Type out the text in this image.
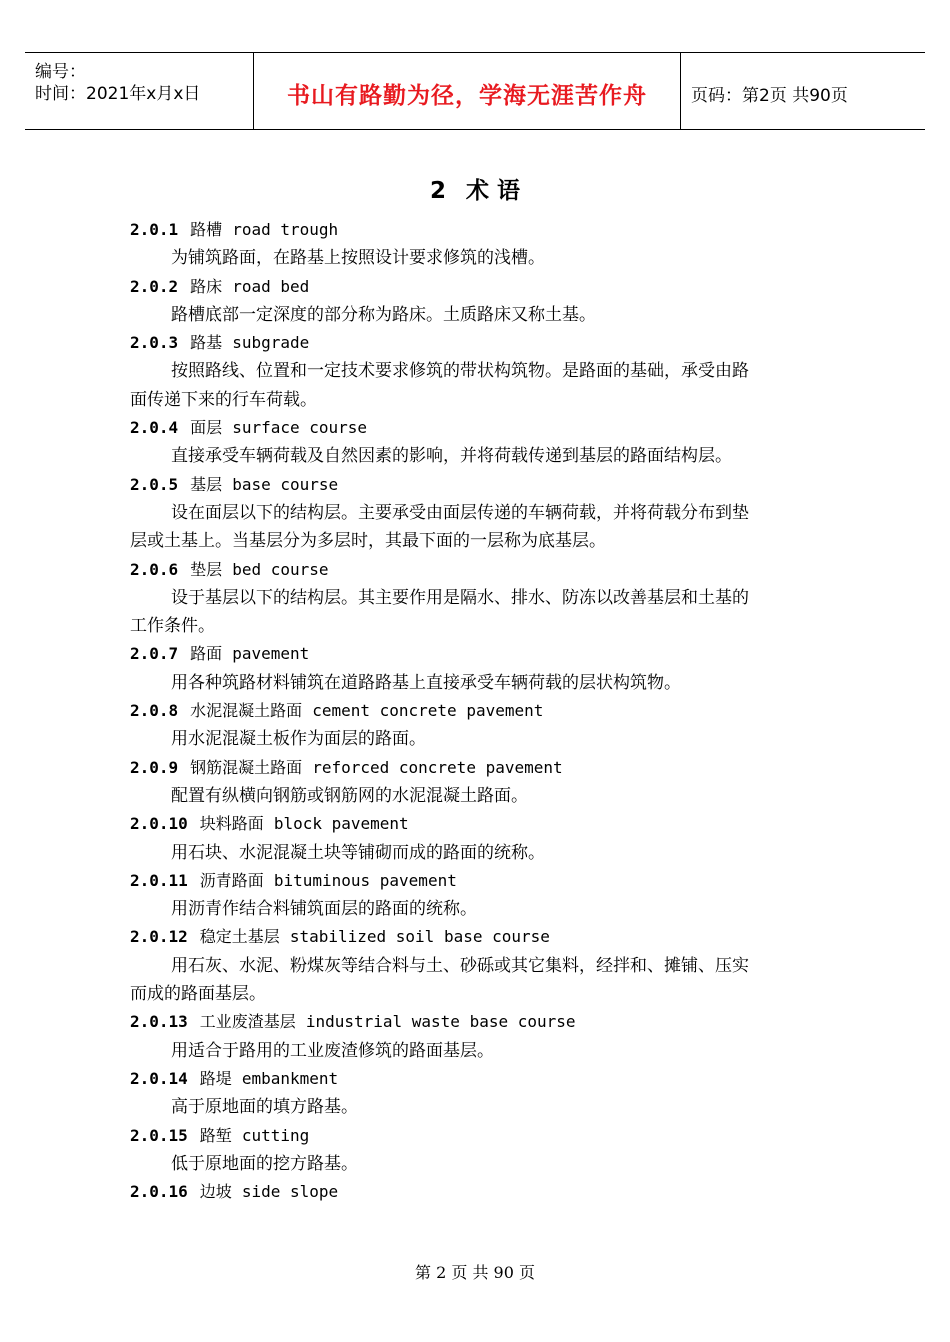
编号：
时间：2021年x月x日	书山有路勤为径，学海无涯苦作舟	页码：第2页 共90页
2 术 语
2.0.1 路槽 road trough
为铺筑路面，在路基上按照设计要求修筑的浅槽。
2.0.2 路床 road bed
路槽底部一定深度的部分称为路床。土质路床又称土基。
2.0.3 路基 subgrade
按照路线、位置和一定技术要求修筑的带状构筑物。是路面的基础，承受由路
面传递下来的行车荷载。
2.0.4 面层 surface course
直接承受车辆荷载及自然因素的影响，并将荷载传递到基层的路面结构层。
2.0.5 基层 base course
设在面层以下的结构层。主要承受由面层传递的车辆荷载，并将荷载分布到垫
层或土基上。当基层分为多层时，其最下面的一层称为底基层。
2.0.6 垫层 bed course
设于基层以下的结构层。其主要作用是隔水、排水、防冻以改善基层和土基的
工作条件。
2.0.7 路面 pavement
用各种筑路材料铺筑在道路路基上直接承受车辆荷载的层状构筑物。
2.0.8 水泥混凝土路面 cement concrete pavement
用水泥混凝土板作为面层的路面。
2.0.9 钢筋混凝土路面 reforced concrete pavement
配置有纵横向钢筋或钢筋网的水泥混凝土路面。
2.0.10 块料路面 block pavement
用石块、水泥混凝土块等铺砌而成的路面的统称。
2.0.11 沥青路面 bituminous pavement
用沥青作结合料铺筑面层的路面的统称。
2.0.12 稳定土基层 stabilized soil base course
用石灰、水泥、粉煤灰等结合料与土、砂砾或其它集料，经拌和、摊铺、压实
而成的路面基层。
2.0.13 工业废渣基层 industrial waste base course
用适合于路用的工业废渣修筑的路面基层。
2.0.14 路堤 embankment
高于原地面的填方路基。
2.0.15 路堑 cutting
低于原地面的挖方路基。
2.0.16 边坡 side slope
第 2 页 共 90 页
